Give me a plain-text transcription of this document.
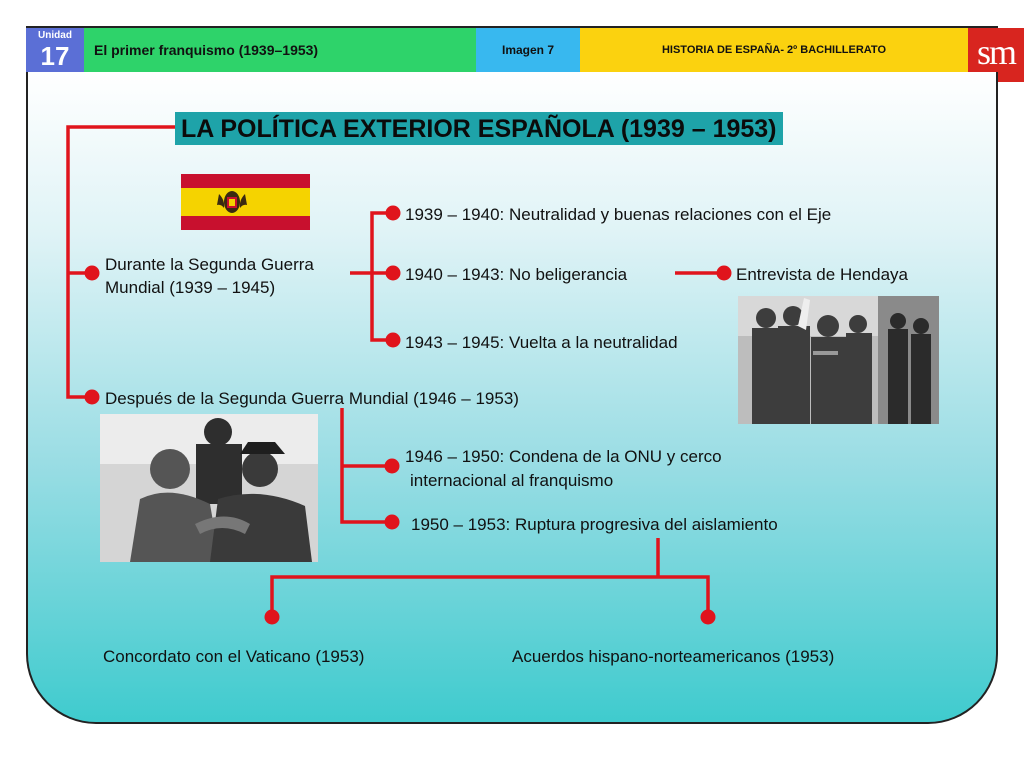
Unidad
17	El primer franquismo (1939–1953)	Imagen 7	HISTORIA DE ESPAÑA- 2º BACHILLERATO	sm
LA POLÍTICA EXTERIOR ESPAÑOLA (1939 – 1953)
Durante la Segunda Guerra
Mundial (1939 – 1945)
1939 – 1940: Neutralidad y buenas relaciones con el Eje
1940 – 1943: No beligerancia
1943 – 1945: Vuelta a la neutralidad
Entrevista de Hendaya
Después de la Segunda Guerra Mundial (1946 – 1953)
1946 – 1950: Condena de la ONU y cerco
internacional al franquismo
1950 – 1953: Ruptura progresiva del aislamiento
Concordato con el Vaticano (1953)	Acuerdos hispano-norteamericanos (1953)
